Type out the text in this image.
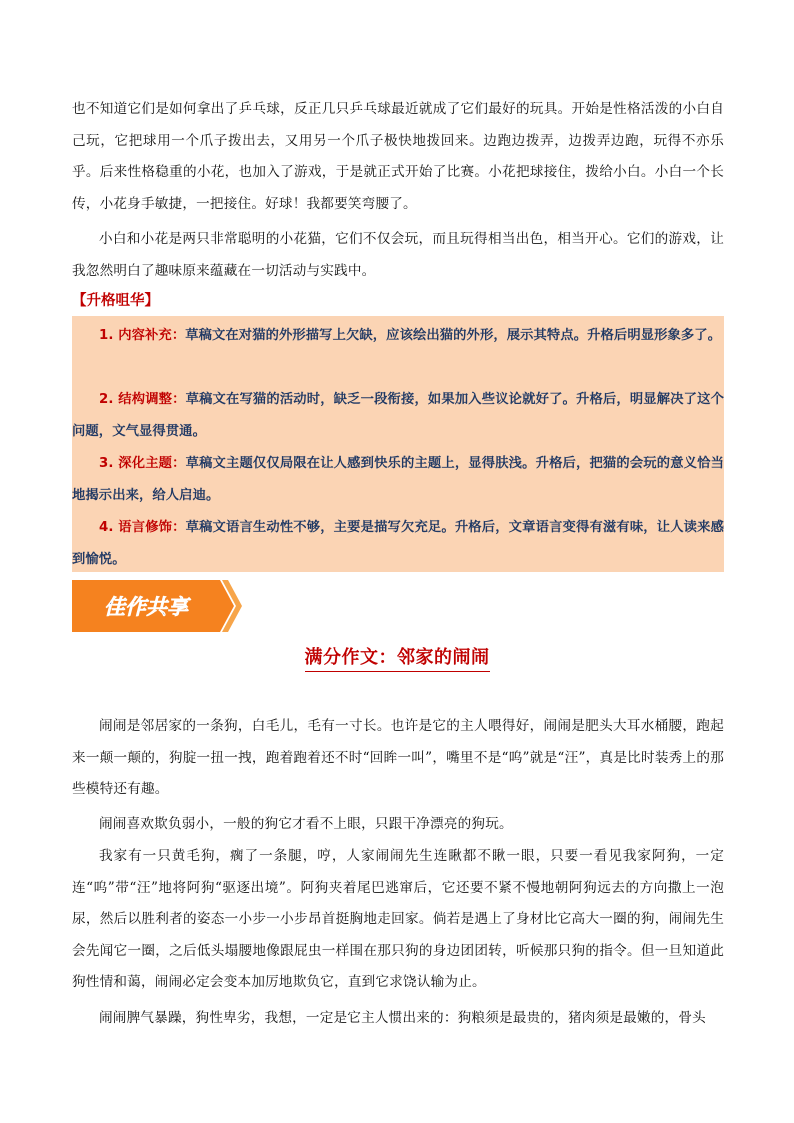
也不知道它们是如何拿出了乒乓球，反正几只乒乓球最近就成了它们最好的玩具。开始是性格活泼的小白自己玩，它把球用一个爪子拨出去，又用另一个爪子极快地拨回来。边跑边拨弄，边拨弄边跑，玩得不亦乐乎。后来性格稳重的小花，也加入了游戏，于是就正式开始了比赛。小花把球接住，拨给小白。小白一个长传，小花身手敏捷，一把接住。好球！我都要笑弯腰了。
小白和小花是两只非常聪明的小花猫，它们不仅会玩，而且玩得相当出色，相当开心。它们的游戏，让我忽然明白了趣味原来蕴藏在一切活动与实践中。
【升格咀华】
1. 内容补充：草稿文在对猫的外形描写上欠缺，应该绘出猫的外形，展示其特点。升格后明显形象多了。
2. 结构调整：草稿文在写猫的活动时，缺乏一段衔接，如果加入些议论就好了。升格后，明显解决了这个问题，文气显得贯通。
3. 深化主题：草稿文主题仅仅局限在让人感到快乐的主题上，显得肤浅。升格后，把猫的会玩的意义恰当地揭示出来，给人启迪。
4. 语言修饰：草稿文语言生动性不够，主要是描写欠充足。升格后，文章语言变得有滋有味，让人读来感到愉悦。
佳作共享
满分作文：邻家的闹闹
闹闹是邻居家的一条狗，白毛儿，毛有一寸长。也许是它的主人喂得好，闹闹是肥头大耳水桶腰，跑起来一颠一颠的，狗腚一扭一拽，跑着跑着还不时“回眸一叫”，嘴里不是“呜”就是“汪”，真是比时装秀上的那些模特还有趣。
闹闹喜欢欺负弱小，一般的狗它才看不上眼，只跟干净漂亮的狗玩。
我家有一只黄毛狗，瘸了一条腿，哼，人家闹闹先生连瞅都不瞅一眼，只要一看见我家阿狗，一定连“呜”带“汪”地将阿狗“驱逐出境”。阿狗夹着尾巴逃窜后，它还要不紧不慢地朝阿狗远去的方向撒上一泡尿，然后以胜利者的姿态一小步一小步昂首挺胸地走回家。倘若是遇上了身材比它高大一圈的狗，闹闹先生会先闻它一圈，之后低头塌腰地像跟屁虫一样围在那只狗的身边团团转，听候那只狗的指令。但一旦知道此狗性情和蔼，闹闹必定会变本加厉地欺负它，直到它求饶认输为止。
闹闹脾气暴躁，狗性卑劣，我想，一定是它主人惯出来的：狗粮须是最贵的，猪肉须是最嫩的，骨头
